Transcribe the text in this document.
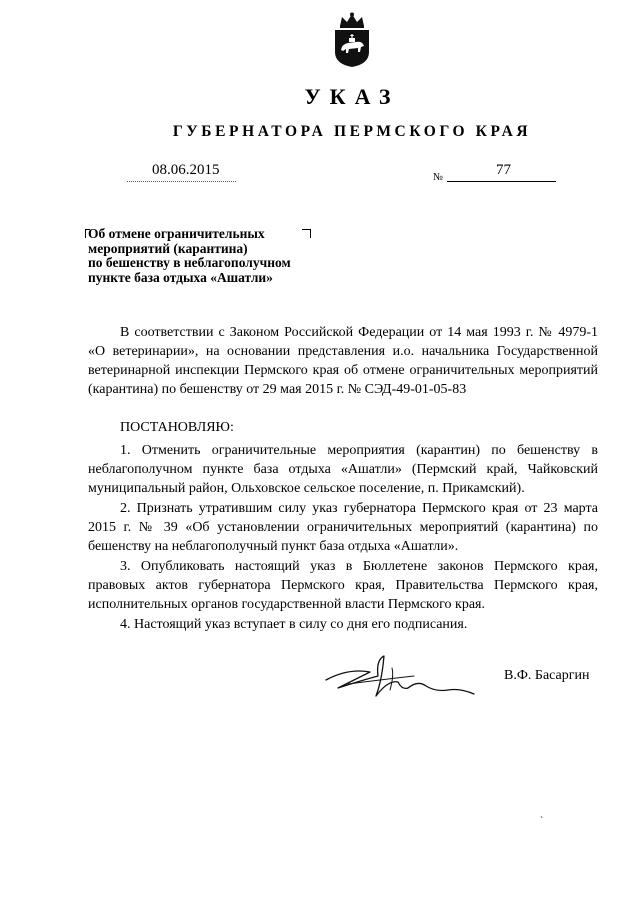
УКАЗ
ГУБЕРНАТОРА ПЕРМСКОГО КРАЯ
08.06.2015	№	77
Об отмене ограничительных
мероприятий (карантина)
по бешенству в неблагополучном
пункте база отдыха «Ашатли»

В соответствии с Законом Российской Федерации от 14 мая 1993 г. № 4979-1 «О ветеринарии», на основании представления и.о. начальника Государственной ветеринарной инспекции Пермского края об отмене ограничительных мероприятий (карантина) по бешенству от 29 мая 2015 г. № СЭД-49-01-05-83

ПОСТАНОВЛЯЮ:

1. Отменить ограничительные мероприятия (карантин) по бешенству в неблагополучном пункте база отдыха «Ашатли» (Пермский край, Чайковский муниципальный район, Ольховское сельское поселение, п. Прикамский).

2. Признать утратившим силу указ губернатора Пермского края от 23 марта 2015 г. № 39 «Об установлении ограничительных мероприятий (карантина) по бешенству на неблагополучный пункт база отдыха «Ашатли».

3. Опубликовать настоящий указ в Бюллетене законов Пермского края, правовых актов губернатора Пермского края, Правительства Пермского края, исполнительных органов государственной власти Пермского края.

4. Настоящий указ вступает в силу со дня его подписания.

В.Ф. Басаргин
`
